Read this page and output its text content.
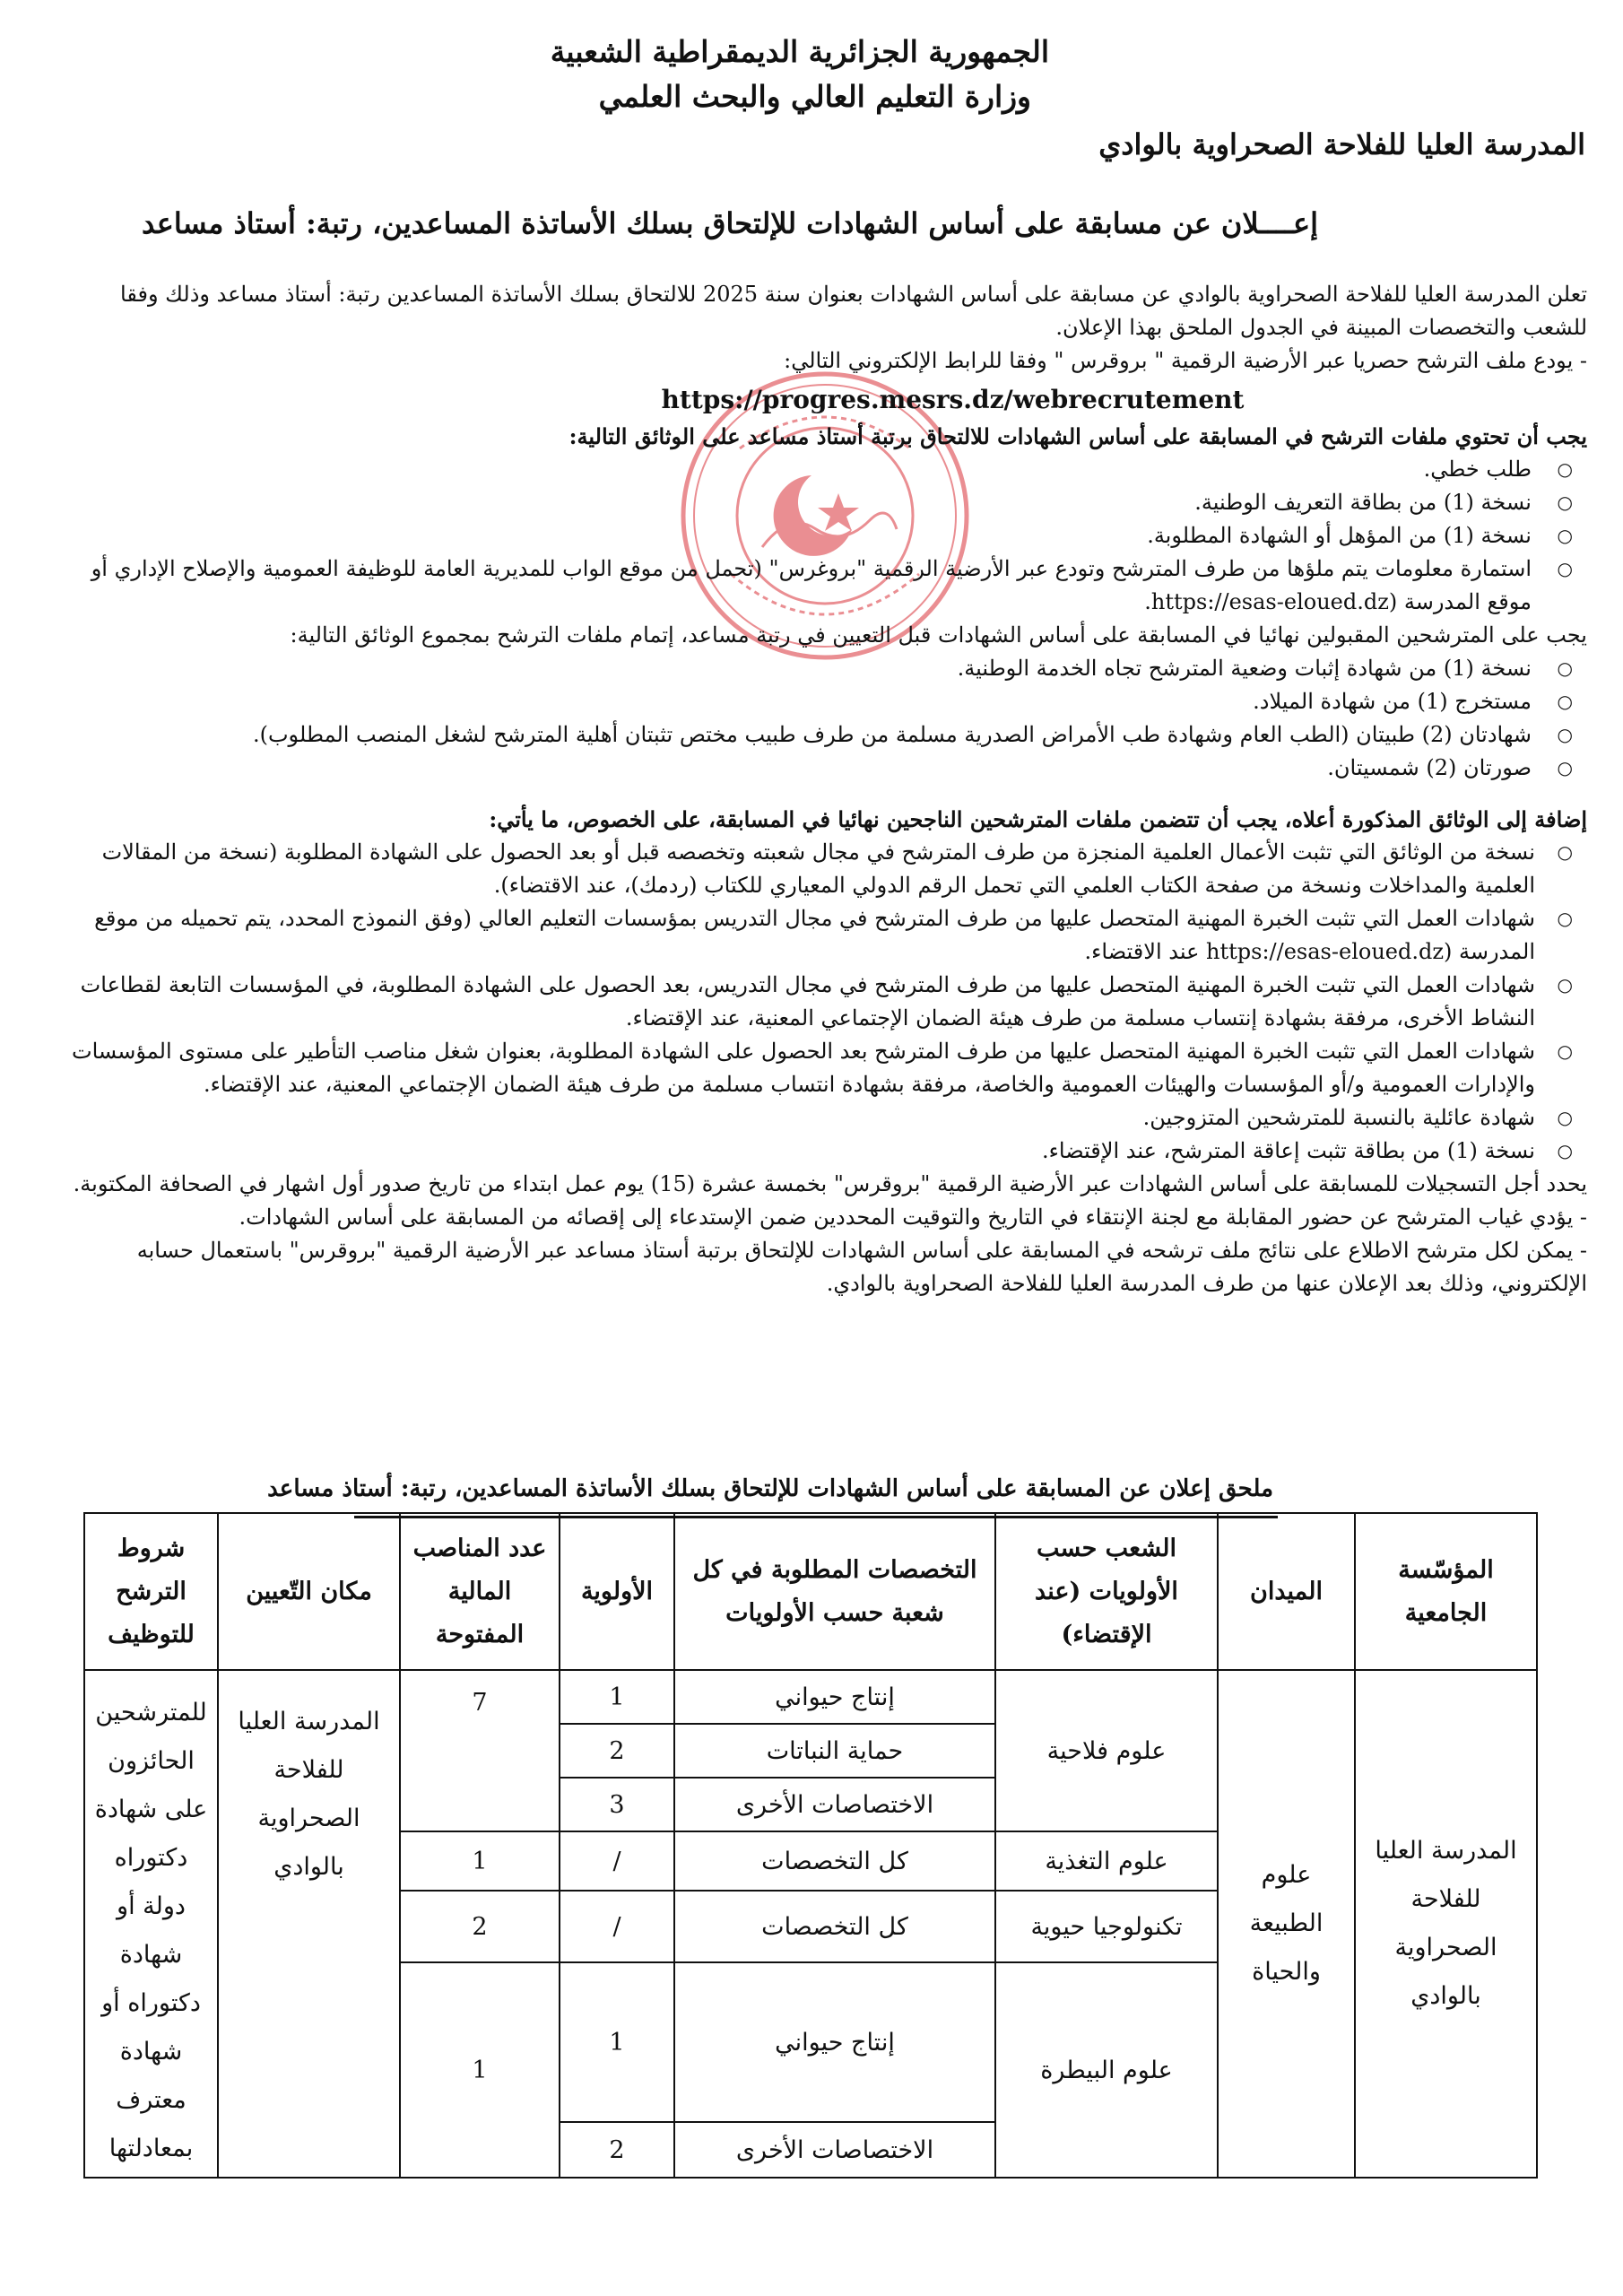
الجمهورية الجزائرية الديمقراطية الشعبية
وزارة التعليم العالي والبحث العلمي
المدرسة العليا للفلاحة الصحراوية بالوادي
إعــــلان عن مسابقة على أساس الشهادات للإلتحاق بسلك الأساتذة المساعدين، رتبة: أستاذ مساعد

تعلن المدرسة العليا للفلاحة الصحراوية بالوادي عن مسابقة على أساس الشهادات بعنوان سنة 2025 للالتحاق بسلك الأساتذة المساعدين رتبة: أستاذ مساعد وذلك وفقا للشعب والتخصصات المبينة في الجدول الملحق بهذا الإعلان.

- يودع ملف الترشح حصريا عبر الأرضية الرقمية " بروقرس " وفقا للرابط الإلكتروني التالي:

https://progres.mesrs.dz/webrecrutement

يجب أن تحتوي ملفات الترشح في المسابقة على أساس الشهادات للالتحاق برتبة أستاذ مساعد على الوثائق التالية:

○ طلب خطي.
○ نسخة (1) من بطاقة التعريف الوطنية.
○ نسخة (1) من المؤهل أو الشهادة المطلوبة.
○ استمارة معلومات يتم ملؤها من طرف المترشح وتودع عبر الأرضية الرقمية "بروغرس" (تحمل من موقع الواب للمديرية العامة للوظيفة العمومية والإصلاح الإداري أو موقع المدرسة (https://esas-eloued.dz.

يجب على المترشحين المقبولين نهائيا في المسابقة على أساس الشهادات قبل التعيين في رتبة مساعد، إتمام ملفات الترشح بمجموع الوثائق التالية:

○ نسخة (1) من شهادة إثبات وضعية المترشح تجاه الخدمة الوطنية.
○ مستخرج (1) من شهادة الميلاد.
○ شهادتان (2) طبيتان (الطب العام وشهادة طب الأمراض الصدرية مسلمة من طرف طبيب مختص تثبتان أهلية المترشح لشغل المنصب المطلوب).
○ صورتان (2) شمسيتان.

إضافة إلى الوثائق المذكورة أعلاه، يجب أن تتضمن ملفات المترشحين الناجحين نهائيا في المسابقة، على الخصوص، ما يأتي:

○ نسخة من الوثائق التي تثبت الأعمال العلمية المنجزة من طرف المترشح في مجال شعبته وتخصصه قبل أو بعد الحصول على الشهادة المطلوبة (نسخة من المقالات العلمية والمداخلات ونسخة من صفحة الكتاب العلمي التي تحمل الرقم الدولي المعياري للكتاب (ردمك)، عند الاقتضاء).
○ شهادات العمل التي تثبت الخبرة المهنية المتحصل عليها من طرف المترشح في مجال التدريس بمؤسسات التعليم العالي (وفق النموذج المحدد، يتم تحميله من موقع المدرسة (https://esas-eloued.dz عند الاقتضاء.
○ شهادات العمل التي تثبت الخبرة المهنية المتحصل عليها من طرف المترشح في مجال التدريس، بعد الحصول على الشهادة المطلوبة، في المؤسسات التابعة لقطاعات النشاط الأخرى، مرفقة بشهادة إنتساب مسلمة من طرف هيئة الضمان الإجتماعي المعنية، عند الإقتضاء.
○ شهادات العمل التي تثبت الخبرة المهنية المتحصل عليها من طرف المترشح بعد الحصول على الشهادة المطلوبة، بعنوان شغل مناصب التأطير على مستوى المؤسسات والإدارات العمومية و/أو المؤسسات والهيئات العمومية والخاصة، مرفقة بشهادة انتساب مسلمة من طرف هيئة الضمان الإجتماعي المعنية، عند الإقتضاء.
○ شهادة عائلية بالنسبة للمترشحين المتزوجين.
○ نسخة (1) من بطاقة تثبت إعاقة المترشح، عند الإقتضاء.

يحدد أجل التسجيلات للمسابقة على أساس الشهادات عبر الأرضية الرقمية "بروقرس" بخمسة عشرة (15) يوم عمل ابتداء من تاريخ صدور أول اشهار في الصحافة المكتوبة.

- يؤدي غياب المترشح عن حضور المقابلة مع لجنة الإنتقاء في التاريخ والتوقيت المحددين ضمن الإستدعاء إلى إقصائه من المسابقة على أساس الشهادات.

- يمكن لكل مترشح الاطلاع على نتائج ملف ترشحه في المسابقة على أساس الشهادات للإلتحاق برتبة أستاذ مساعد عبر الأرضية الرقمية "بروقرس" باستعمال حسابه الإلكتروني، وذلك بعد الإعلان عنها من طرف المدرسة العليا للفلاحة الصحراوية بالوادي.

ملحق إعلان عن المسابقة على أساس الشهادات للإلتحاق بسلك الأساتذة المساعدين، رتبة: أستاذ مساعد
المؤسّسة الجامعية	الميدان	الشعب حسب الأولويات (عند الإقتضاء)	التخصصات المطلوبة في كل شعبة حسب الأولويات	الأولوية	عدد المناصب المالية المفتوحة	مكان التّعيين	شروط الترشح للتوظيف
المدرسة العليا للفلاحة الصحراوية بالوادي	علوم الطبيعة والحياة	علوم فلاحية	إنتاج حيواني	1	7	المدرسة العليا للفلاحة الصحراوية بالوادي	للمترشحين الحائزون على شهادة دكتوراه دولة أو شهادة دكتوراه أو شهادة معترف بمعادلتها
			حماية النباتات	2			
			الاختصاصات الأخرى	3			
		علوم التغذية	كل التخصصات	/	1		
		تكنولوجيا حيوية	كل التخصصات	/	2		
		علوم البيطرة	إنتاج حيواني	1	1		
			الاختصاصات الأخرى	2			
